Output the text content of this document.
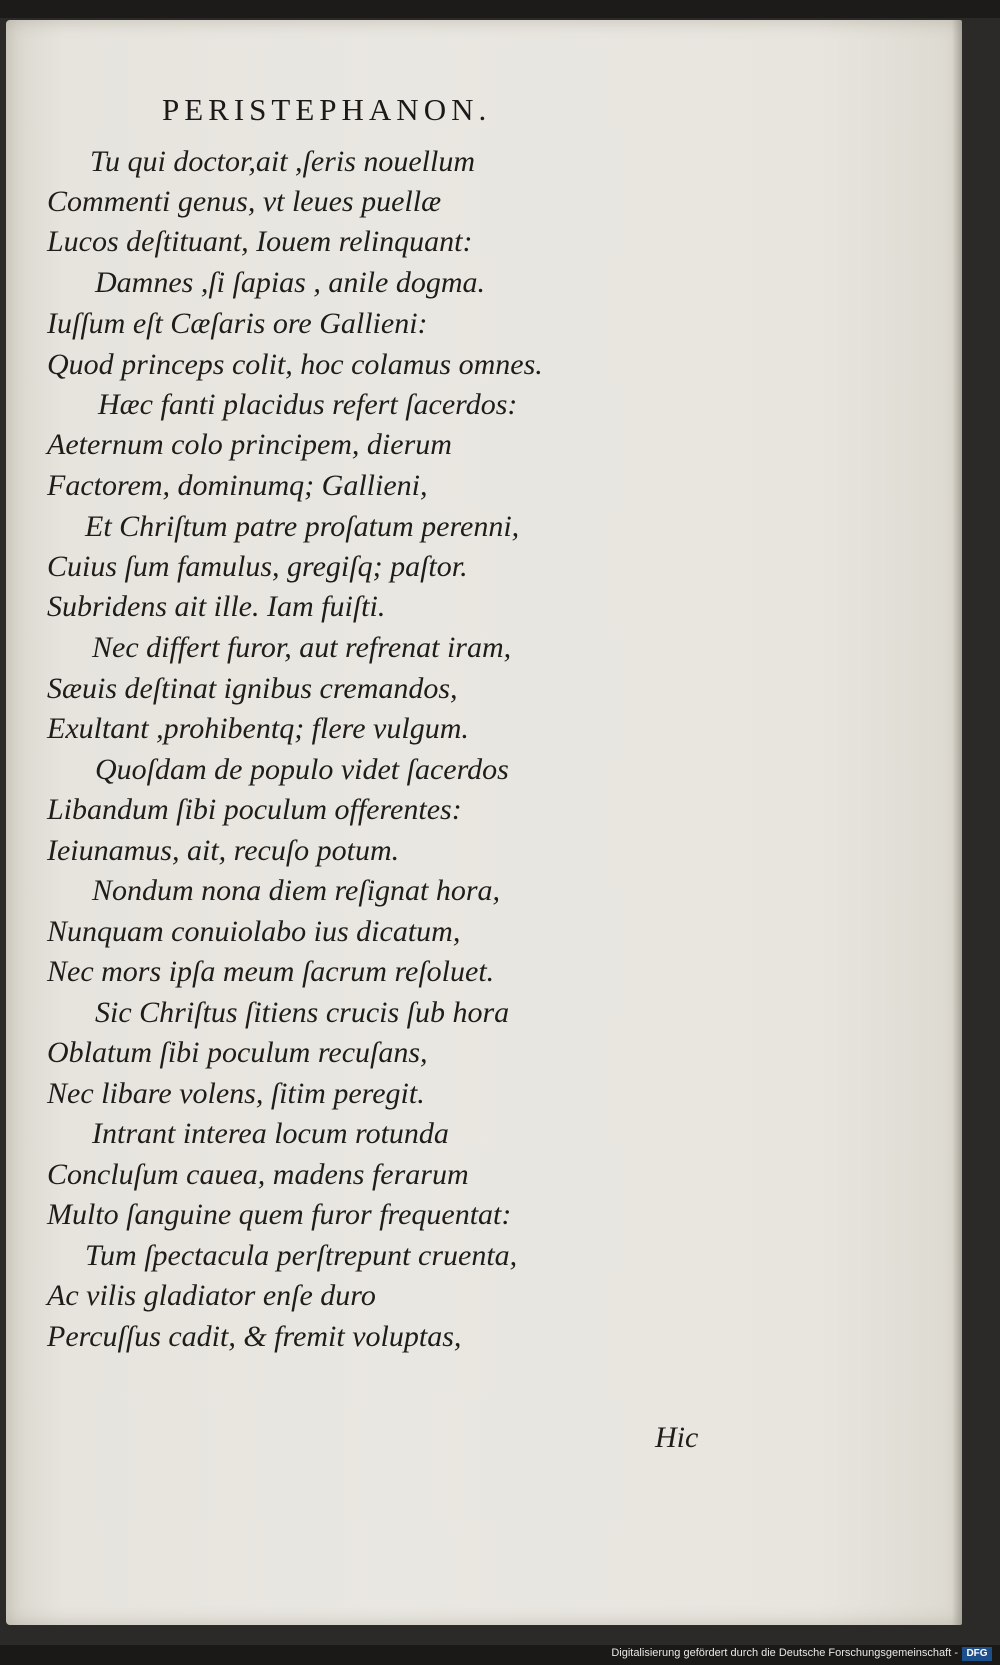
PERISTEPHANON.
Tu qui doctor,ait ,ſeris nouellum
Commenti genus, vt leues puellæ
Lucos deſtituant, Iouem relinquant:
Damnes ,ſi ſapias , anile dogma.
Iuſſum eſt Cæſaris ore Gallieni:
Quod princeps colit, hoc colamus omnes.
Hæc fanti placidus refert ſacerdos:
Aeternum colo principem, dierum
Factorem, dominumq; Gallieni,
Et Chriſtum patre proſatum perenni,
Cuius ſum famulus, gregiſq; paſtor.
Subridens ait ille. Iam fuiſti.
Nec differt furor, aut refrenat iram,
Sæuis deſtinat ignibus cremandos,
Exultant ,prohibentq; flere vulgum.
Quoſdam de populo videt ſacerdos
Libandum ſibi poculum offerentes:
Ieiunamus, ait, recuſo potum.
Nondum nona diem reſignat hora,
Nunquam conuiolabo ius dicatum,
Nec mors ipſa meum ſacrum reſoluet.
Sic Chriſtus ſitiens crucis ſub hora
Oblatum ſibi poculum recuſans,
Nec libare volens, ſitim peregit.
Intrant interea locum rotunda
Concluſum cauea, madens ferarum
Multo ſanguine quem furor frequentat:
Tum ſpectacula perſtrepunt cruenta,
Ac vilis gladiator enſe duro
Percuſſus cadit, & fremit voluptas,
Hic
Digitalisierung gefördert durch die Deutsche Forschungsgemeinschaft - DFG
